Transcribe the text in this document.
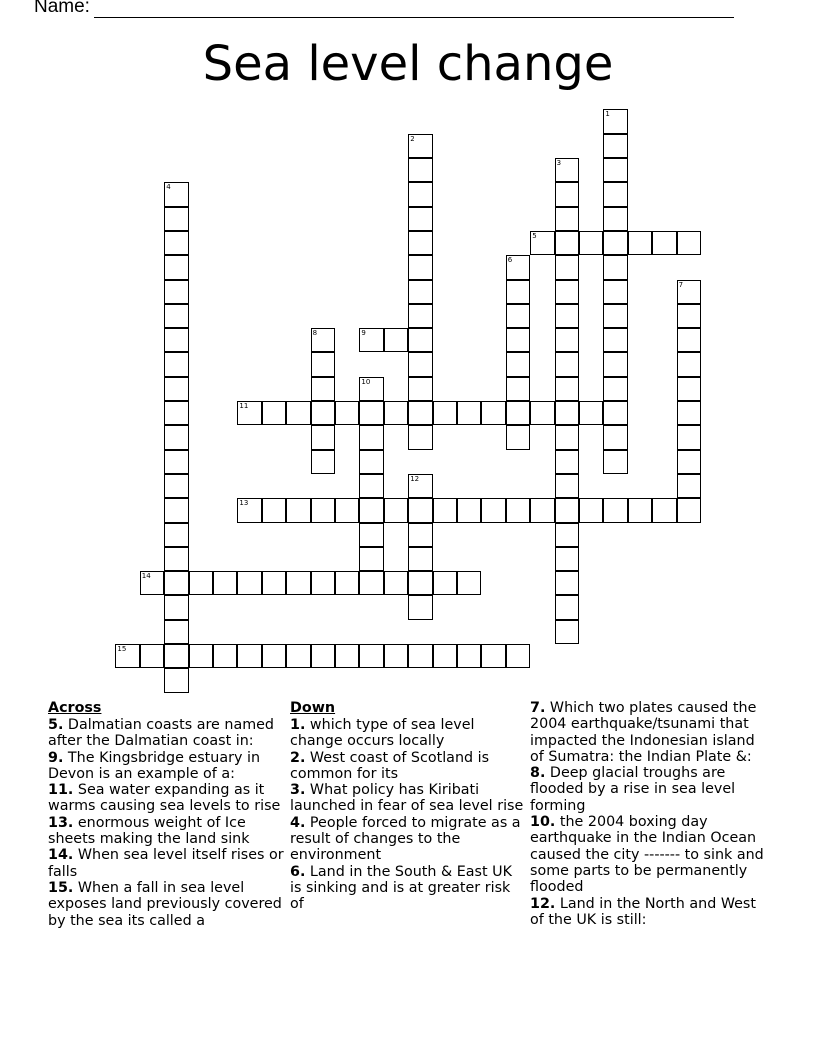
Name:
Sea level change
1
2
3
4
5
6
7
8	9
10
11
12
13
14
15
Across
5. Dalmatian coasts are named after the Dalmatian coast in:
9. The Kingsbridge estuary in Devon is an example of a:
11. Sea water expanding as it warms causing sea levels to rise
13. enormous weight of Ice sheets making the land sink
14. When sea level itself rises or falls
15. When a fall in sea level exposes land previously covered by the sea its called a
Down
1. which type of sea level change occurs locally
2. West coast of Scotland is common for its
3. What policy has Kiribati launched in fear of sea level rise
4. People forced to migrate as a result of changes to the environment
6. Land in the South & East UK is sinking and is at greater risk of
7. Which two plates caused the 2004 earthquake/tsunami that impacted the Indonesian island of Sumatra: the Indian Plate &:
8. Deep glacial troughs are flooded by a rise in sea level forming
10. the 2004 boxing day earthquake in the Indian Ocean caused the city ------- to sink and some parts to be permanently flooded
12. Land in the North and West of the UK is still:
